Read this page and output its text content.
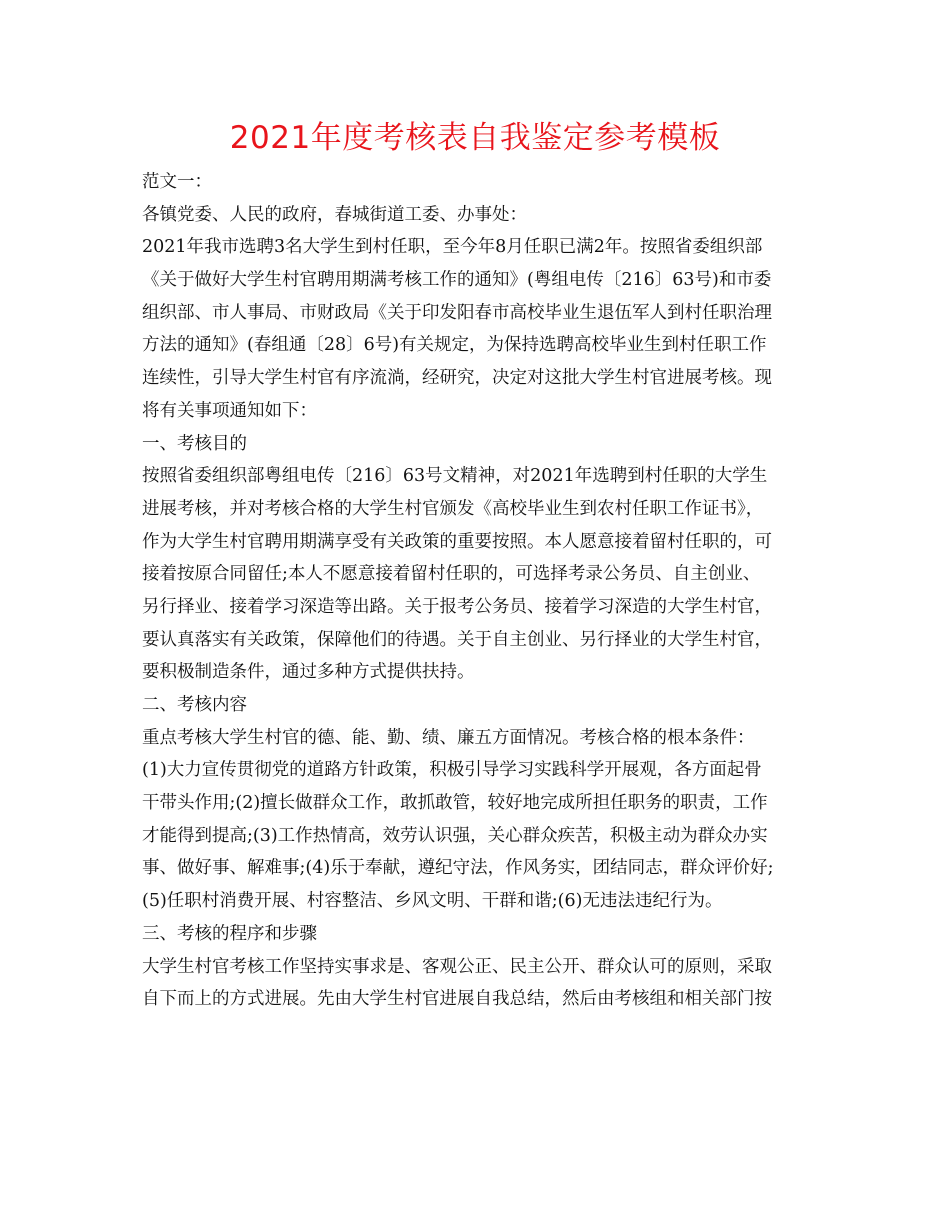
2021年度考核表自我鉴定参考模板

范文一：

各镇党委、人民的政府，春城街道工委、办事处：

2021年我市选聘3名大学生到村任职，至今年8月任职已满2年。按照省委组织部

《关于做好大学生村官聘用期满考核工作的通知》(粤组电传〔216〕63号)和市委

组织部、市人事局、市财政局《关于印发阳春市高校毕业生退伍军人到村任职治理

方法的通知》(春组通〔28〕6号)有关规定，为保持选聘高校毕业生到村任职工作

连续性，引导大学生村官有序流淌，经研究，决定对这批大学生村官进展考核。现

将有关事项通知如下：

一、考核目的

按照省委组织部粤组电传〔216〕63号文精神，对2021年选聘到村任职的大学生

进展考核，并对考核合格的大学生村官颁发《高校毕业生到农村任职工作证书》，

作为大学生村官聘用期满享受有关政策的重要按照。本人愿意接着留村任职的，可

接着按原合同留任;本人不愿意接着留村任职的，可选择考录公务员、自主创业、

另行择业、接着学习深造等出路。关于报考公务员、接着学习深造的大学生村官，

要认真落实有关政策，保障他们的待遇。关于自主创业、另行择业的大学生村官，

要积极制造条件，通过多种方式提供扶持。

二、考核内容

重点考核大学生村官的德、能、勤、绩、廉五方面情况。考核合格的根本条件：

(1)大力宣传贯彻党的道路方针政策，积极引导学习实践科学开展观，各方面起骨

干带头作用;(2)擅长做群众工作，敢抓敢管，较好地完成所担任职务的职责，工作

才能得到提高;(3)工作热情高，效劳认识强，关心群众疾苦，积极主动为群众办实

事、做好事、解难事;(4)乐于奉献，遵纪守法，作风务实，团结同志，群众评价好;

(5)任职村消费开展、村容整洁、乡风文明、干群和谐;(6)无违法违纪行为。

三、考核的程序和步骤

大学生村官考核工作坚持实事求是、客观公正、民主公开、群众认可的原则，采取

自下而上的方式进展。先由大学生村官进展自我总结，然后由考核组和相关部门按
